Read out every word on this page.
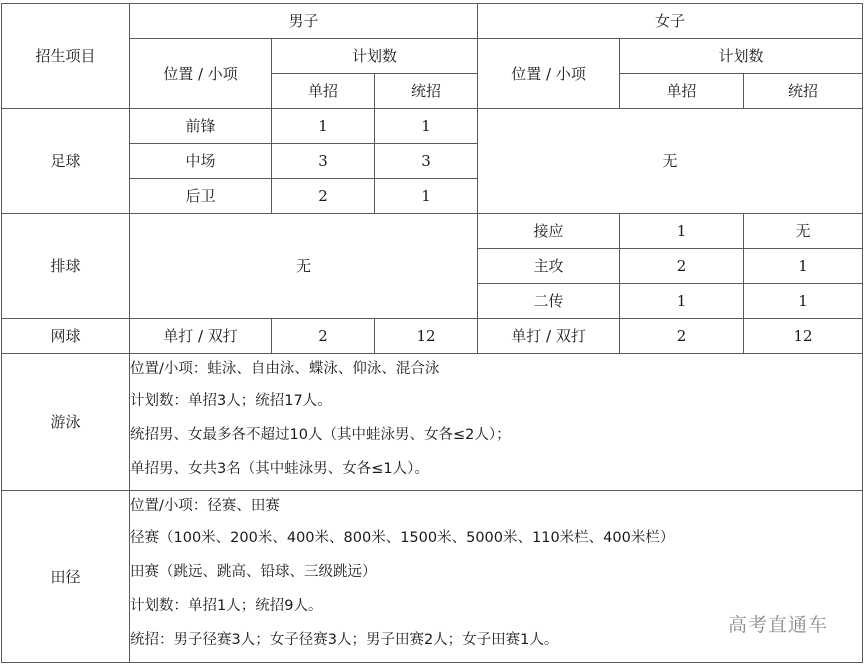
招生项目	男子			女子		
	位置 / 小项	计划数		位置 / 小项	计划数	
		单招	统招		单招	统招
足球	前锋	1	1	无		
	中场	3	3			
	后卫	2	1			
排球	无			接应	1	无
				主攻	2	1
				二传	1	1
网球	单打 / 双打	2	12	单打 / 双打	2	12
游泳	位置/小项：蛙泳、自由泳、蝶泳、仰泳、混合泳
计划数：单招3人；统招17人。
统招男、女最多各不超过10人（其中蛙泳男、女各≤2人）；
单招男、女共3名（其中蛙泳男、女各≤1人）。					

田径	位置/小项：径赛、田赛
径赛（100米、200米、400米、800米、1500米、5000米、110米栏、400米栏）
田赛（跳远、跳高、铅球、三级跳远）
计划数：单招1人；统招9人。
统招：男子径赛3人；女子径赛3人；男子田赛2人；女子田赛1人。					
高考直通车
